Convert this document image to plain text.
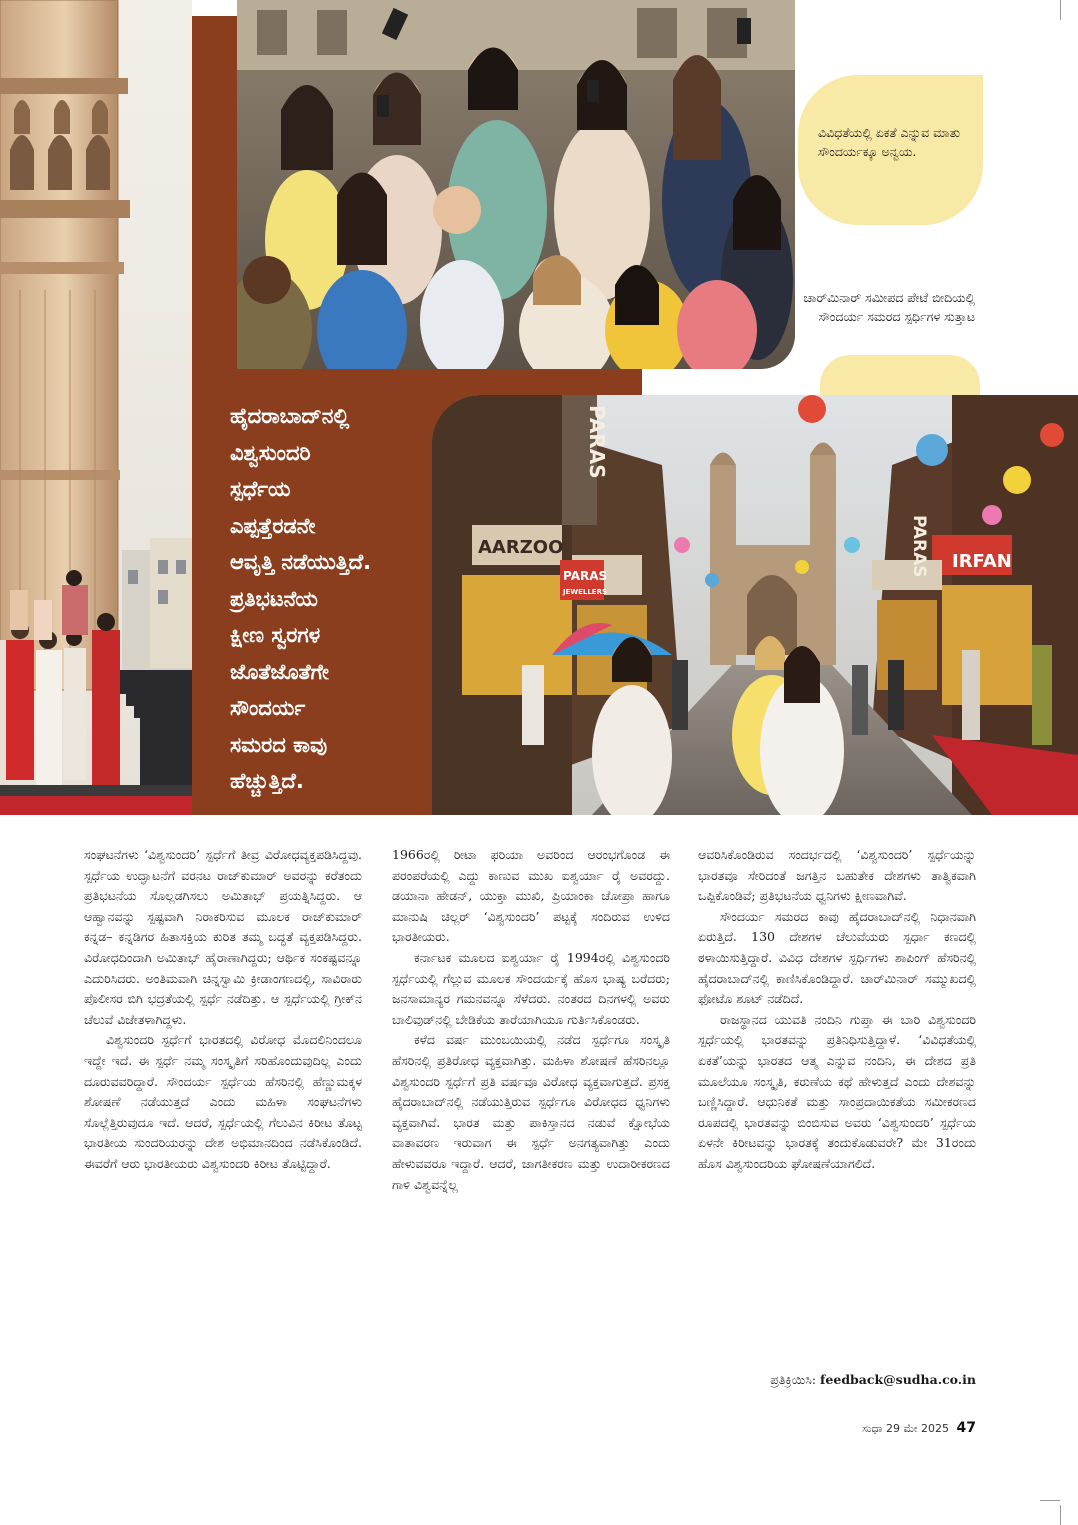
ವಿವಿಧತೆಯಲ್ಲಿ ಏಕತೆ ಎನ್ನುವ ಮಾತು ಸೌಂದರ್ಯಕ್ಕೂ ಅನ್ವಯ.
ಚಾರ್‌ಮಿನಾರ್ ಸಮೀಪದ ಪೇಟೆ ಬೀದಿಯಲ್ಲಿ ಸೌಂದರ್ಯ ಸಮರದ ಸ್ಪರ್ಧಿಗಳ ಸುತ್ತಾಟ
PARAS
AARZOO
PARAS
JEWELLERS
IRFAN
PARAS
ಹೈದರಾಬಾದ್‌ನಲ್ಲಿ
ವಿಶ್ವಸುಂದರಿ
ಸ್ಪರ್ಧೆಯ
ಎಪ್ಪತ್ತೆರಡನೇ
ಆವೃತ್ತಿ ನಡೆಯುತ್ತಿದೆ.
ಪ್ರತಿಭಟನೆಯ
ಕ್ಷೀಣ ಸ್ವರಗಳ
ಜೊತೆಜೊತೆಗೇ
ಸೌಂದರ್ಯ
ಸಮರದ ಕಾವು
ಹೆಚ್ಚುತ್ತಿದೆ.

ಸಂಘಟನೆಗಳು ‘ವಿಶ್ವಸುಂದರಿ’ ಸ್ಪರ್ಧೆಗೆ ತೀವ್ರ ವಿರೋಧವ್ಯಕ್ತಪಡಿಸಿದ್ದವು. ಸ್ಪರ್ಧೆಯ ಉದ್ಘಾಟನೆಗೆ ವರನಟ ರಾಜ್‌ಕುಮಾರ್ ಅವರನ್ನು ಕರೆತಂದು ಪ್ರತಿಭಟನೆಯ ಸೊಲ್ಲಡಗಿಸಲು ಅಮಿತಾಭ್ ಪ್ರಯತ್ನಿಸಿದ್ದರು. ಆ ಆಹ್ವಾನವನ್ನು ಸ್ಪಷ್ಟವಾಗಿ ನಿರಾಕರಿಸುವ ಮೂಲಕ ರಾಜ್‌ಕುಮಾರ್ ಕನ್ನಡ– ಕನ್ನಡಿಗರ ಹಿತಾಸಕ್ತಿಯ ಕುರಿತ ತಮ್ಮ ಬದ್ಧತೆ ವ್ಯಕ್ತಪಡಿಸಿದ್ದರು. ವಿರೋಧದಿಂದಾಗಿ ಅಮಿತಾಭ್ ಹೈರಾಣಾಗಿದ್ದರು; ಆರ್ಥಿಕ ಸಂಕಷ್ಟವನ್ನೂ ಎದುರಿಸಿದರು. ಅಂತಿಮವಾಗಿ ಚಿನ್ನಸ್ವಾಮಿ ಕ್ರೀಡಾಂಗಣದಲ್ಲಿ, ಸಾವಿರಾರು ಪೊಲೀಸರ ಬಿಗಿ ಭದ್ರತೆಯಲ್ಲಿ ಸ್ಪರ್ಧೆ ನಡೆದಿತ್ತು. ಆ ಸ್ಪರ್ಧೆಯಲ್ಲಿ ಗ್ರೀಕ್‌ನ ಚೆಲುವೆ ವಿಜೇತಳಾಗಿದ್ದಳು.

ವಿಶ್ವಸುಂದರಿ ಸ್ಪರ್ಧೆಗೆ ಭಾರತದಲ್ಲಿ ವಿರೋಧ ಮೊದಲಿನಿಂದಲೂ ಇದ್ದೇ ಇದೆ. ಈ ಸ್ಪರ್ಧೆ ನಮ್ಮ ಸಂಸ್ಕೃತಿಗೆ ಸರಿಹೊಂದುವುದಿಲ್ಲ ಎಂದು ದೂರುವವರಿದ್ದಾರೆ. ಸೌಂದರ್ಯ ಸ್ಪರ್ಧೆಯ ಹೆಸರಿನಲ್ಲಿ ಹೆಣ್ಣುಮಕ್ಕಳ ಶೋಷಣೆ ನಡೆಯುತ್ತದೆ ಎಂದು ಮಹಿಳಾ ಸಂಘಟನೆಗಳು ಸೊಲ್ಲೆತ್ತಿರುವುದೂ ಇದೆ. ಆದರೆ, ಸ್ಪರ್ಧೆಯಲ್ಲಿ ಗೆಲುವಿನ ಕಿರೀಟ ತೊಟ್ಟ ಭಾರತೀಯ ಸುಂದರಿಯರನ್ನು ದೇಶ ಅಭಿಮಾನದಿಂದ ನಡೆಸಿಕೊಂಡಿದೆ. ಈವರೆಗೆ ಆರು ಭಾರತೀಯರು ವಿಶ್ವಸುಂದರಿ ಕಿರೀಟ ತೊಟ್ಟಿದ್ದಾರೆ.

1966ರಲ್ಲಿ ರೀಟಾ ಫರಿಯಾ ಅವರಿಂದ ಆರಂಭಗೊಂಡ ಈ ಪರಂಪರೆಯಲ್ಲಿ ಎದ್ದು ಕಾಣುವ ಮುಖ ಐಶ್ವರ್ಯಾ ರೈ ಅವರದ್ದು. ಡಯಾನಾ ಹೇಡನ್, ಯುಕ್ತಾ ಮುಖಿ, ಪ್ರಿಯಾಂಕಾ ಚೋಪ್ರಾ ಹಾಗೂ ಮಾನುಷಿ ಚಿಲ್ಲರ್ ‘ವಿಶ್ವಸುಂದರಿ’ ಪಟ್ಟಕ್ಕೆ ಸಂದಿರುವ ಉಳಿದ ಭಾರತೀಯರು.

ಕರ್ನಾಟಕ ಮೂಲದ ಐಶ್ವರ್ಯಾ ರೈ 1994ರಲ್ಲಿ ವಿಶ್ವಸುಂದರಿ ಸ್ಪರ್ಧೆಯಲ್ಲಿ ಗೆಲ್ಲುವ ಮೂಲಕ ಸೌಂದರ್ಯಕ್ಕೆ ಹೊಸ ಭಾಷ್ಯ ಬರೆದರು; ಜನಸಾಮಾನ್ಯರ ಗಮನವನ್ನೂ ಸೆಳೆದರು. ನಂತರದ ದಿನಗಳಲ್ಲಿ ಅವರು ಬಾಲಿವುಡ್‌ನಲ್ಲಿ ಬೇಡಿಕೆಯ ತಾರೆಯಾಗಿಯೂ ಗುರ್ತಿಸಿಕೊಂಡರು.

ಕಳೆದ ವರ್ಷ ಮುಂಬಯಿಯಲ್ಲಿ ನಡೆದ ಸ್ಪರ್ಧೆಗೂ ಸಂಸ್ಕೃತಿ ಹೆಸರಿನಲ್ಲಿ ಪ್ರತಿರೋಧ ವ್ಯಕ್ತವಾಗಿತ್ತು. ಮಹಿಳಾ ಶೋಷಣೆ ಹೆಸರಿನಲ್ಲೂ ವಿಶ್ವಸುಂದರಿ ಸ್ಪರ್ಧೆಗೆ ಪ್ರತಿ ವರ್ಷವೂ ವಿರೋಧ ವ್ಯಕ್ತವಾಗುತ್ತದೆ. ಪ್ರಸಕ್ತ ಹೈದರಾಬಾದ್‌ನಲ್ಲಿ ನಡೆಯುತ್ತಿರುವ ಸ್ಪರ್ಧೆಗೂ ವಿರೋಧದ ಧ್ವನಿಗಳು ವ್ಯಕ್ತವಾಗಿವೆ. ಭಾರತ ಮತ್ತು ಪಾಕಿಸ್ತಾನದ ನಡುವೆ ಕ್ಷೋಭೆಯ ವಾತಾವರಣ ಇರುವಾಗ ಈ ಸ್ಪರ್ಧೆ ಅನಗತ್ಯವಾಗಿತ್ತು ಎಂದು ಹೇಳುವವರೂ ಇದ್ದಾರೆ. ಆದರೆ, ಜಾಗತೀಕರಣ ಮತ್ತು ಉದಾರೀಕರಣದ ಗಾಳಿ ವಿಶ್ವವನ್ನೆಲ್ಲ

ಆವರಿಸಿಕೊಂಡಿರುವ ಸಂದರ್ಭದಲ್ಲಿ ‘ವಿಶ್ವಸುಂದರಿ’ ಸ್ಪರ್ಧೆಯನ್ನು ಭಾರತವೂ ಸೇರಿದಂತೆ ಜಗತ್ತಿನ ಬಹುತೇಕ ದೇಶಗಳು ತಾತ್ವಿಕವಾಗಿ ಒಪ್ಪಿಕೊಂಡಿವೆ; ಪ್ರತಿಭಟನೆಯ ಧ್ವನಿಗಳು ಕ್ಷೀಣವಾಗಿವೆ.

ಸೌಂದರ್ಯ ಸಮರದ ಕಾವು ಹೈದರಾಬಾದ್‌ನಲ್ಲಿ ನಿಧಾನವಾಗಿ ಏರುತ್ತಿದೆ. 130 ದೇಶಗಳ ಚೆಲುವೆಯರು ಸ್ಪರ್ಧಾ ಕಣದಲ್ಲಿ ಠಳಾಯಿಸುತ್ತಿದ್ದಾರೆ. ವಿವಿಧ ದೇಶಗಳ ಸ್ಪರ್ಧಿಗಳು ಶಾಪಿಂಗ್ ಹೆಸರಿನಲ್ಲಿ ಹೈದರಾಬಾದ್‌ನಲ್ಲಿ ಕಾಣಿಸಿಕೊಂಡಿದ್ದಾರೆ. ಚಾರ್‌ಮಿನಾರ್ ಸಮ್ಮುಖದಲ್ಲಿ ಫೋಟೊ ಶೂಟ್ ನಡೆದಿದೆ.

ರಾಜಸ್ಥಾನದ ಯುವತಿ ನಂದಿನಿ ಗುಪ್ತಾ ಈ ಬಾರಿ ವಿಶ್ವಸುಂದರಿ ಸ್ಪರ್ಧೆಯಲ್ಲಿ ಭಾರತವನ್ನು ಪ್ರತಿನಿಧಿಸುತ್ತಿದ್ದಾಳೆ. ‘ವಿವಿಧತೆಯಲ್ಲಿ ಏಕತೆ’ಯನ್ನು ಭಾರತದ ಆತ್ಮ ಎನ್ನುವ ನಂದಿನಿ, ಈ ದೇಶದ ಪ್ರತಿ ಮೂಲೆಯೂ ಸಂಸ್ಕೃತಿ, ಕರುಣೆಯ ಕಥೆ ಹೇಳುತ್ತದೆ ಎಂದು ದೇಶವನ್ನು ಬಣ್ಣಿಸಿದ್ದಾರೆ. ಆಧುನಿಕತೆ ಮತ್ತು ಸಾಂಪ್ರದಾಯಿಕತೆಯ ಸಮೀಕರಣದ ರೂಪದಲ್ಲಿ ಭಾರತವನ್ನು ಬಿಂಬಿಸುವ ಅವರು ‘ವಿಶ್ವಸುಂದರಿ’ ಸ್ಪರ್ಧೆಯ ಏಳನೇ ಕಿರೀಟವನ್ನು ಭಾರತಕ್ಕೆ ತಂದುಕೊಡುವರೇ? ಮೇ 31ರಂದು ಹೊಸ ವಿಶ್ವಸುಂದರಿಯ ಘೋಷಣೆಯಾಗಲಿದೆ.

ಪ್ರತಿಕ್ರಿಯಿಸಿ: feedback@sudha.co.in
ಸುಧಾ 29 ಮೇ 2025 47
